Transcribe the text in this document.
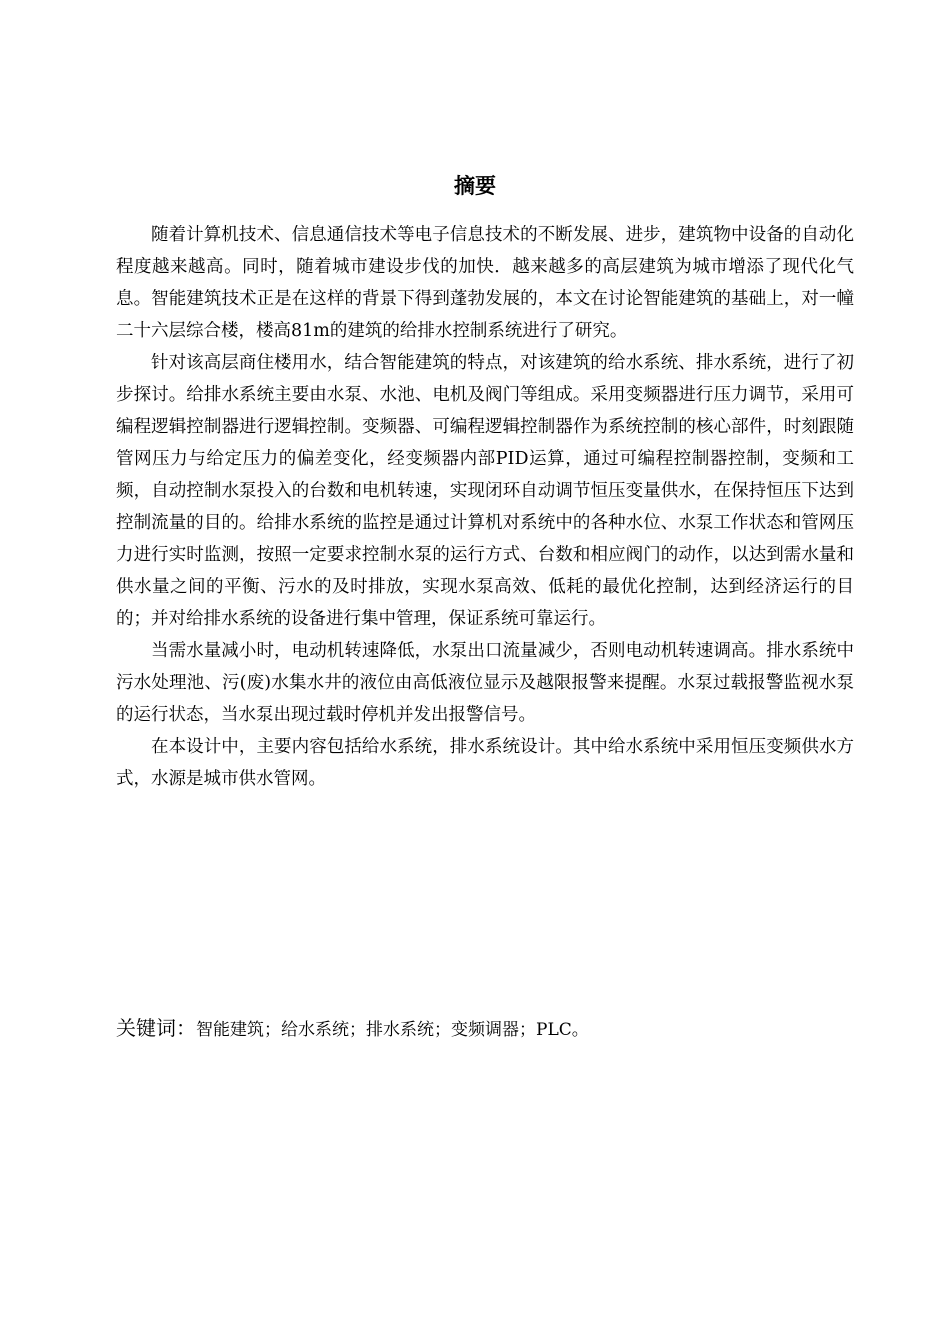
摘要

随着计算机技术、信息通信技术等电子信息技术的不断发展、进步，建筑物中设备的自动化程度越来越高。同时，随着城市建设步伐的加快．越来越多的高层建筑为城市增添了现代化气息。智能建筑技术正是在这样的背景下得到蓬勃发展的，本文在讨论智能建筑的基础上，对一幢二十六层综合楼，楼高81m的建筑的给排水控制系统进行了研究。

针对该高层商住楼用水，结合智能建筑的特点，对该建筑的给水系统、排水系统，进行了初步探讨。给排水系统主要由水泵、水池、电机及阀门等组成。采用变频器进行压力调节，采用可编程逻辑控制器进行逻辑控制。变频器、可编程逻辑控制器作为系统控制的核心部件，时刻跟随管网压力与给定压力的偏差变化，经变频器内部PID运算，通过可编程控制器控制，变频和工频，自动控制水泵投入的台数和电机转速，实现闭环自动调节恒压变量供水，在保持恒压下达到控制流量的目的。给排水系统的监控是通过计算机对系统中的各种水位、水泵工作状态和管网压力进行实时监测，按照一定要求控制水泵的运行方式、台数和相应阀门的动作，以达到需水量和供水量之间的平衡、污水的及时排放，实现水泵高效、低耗的最优化控制，达到经济运行的目的；并对给排水系统的设备进行集中管理，保证系统可靠运行。

当需水量减小时，电动机转速降低，水泵出口流量减少，否则电动机转速调高。排水系统中污水处理池、污(废)水集水井的液位由高低液位显示及越限报警来提醒。水泵过载报警监视水泵的运行状态，当水泵出现过载时停机并发出报警信号。

在本设计中，主要内容包括给水系统，排水系统设计。其中给水系统中采用恒压变频供水方式，水源是城市供水管网。

关键词：智能建筑；给水系统；排水系统；变频调器；PLC。
